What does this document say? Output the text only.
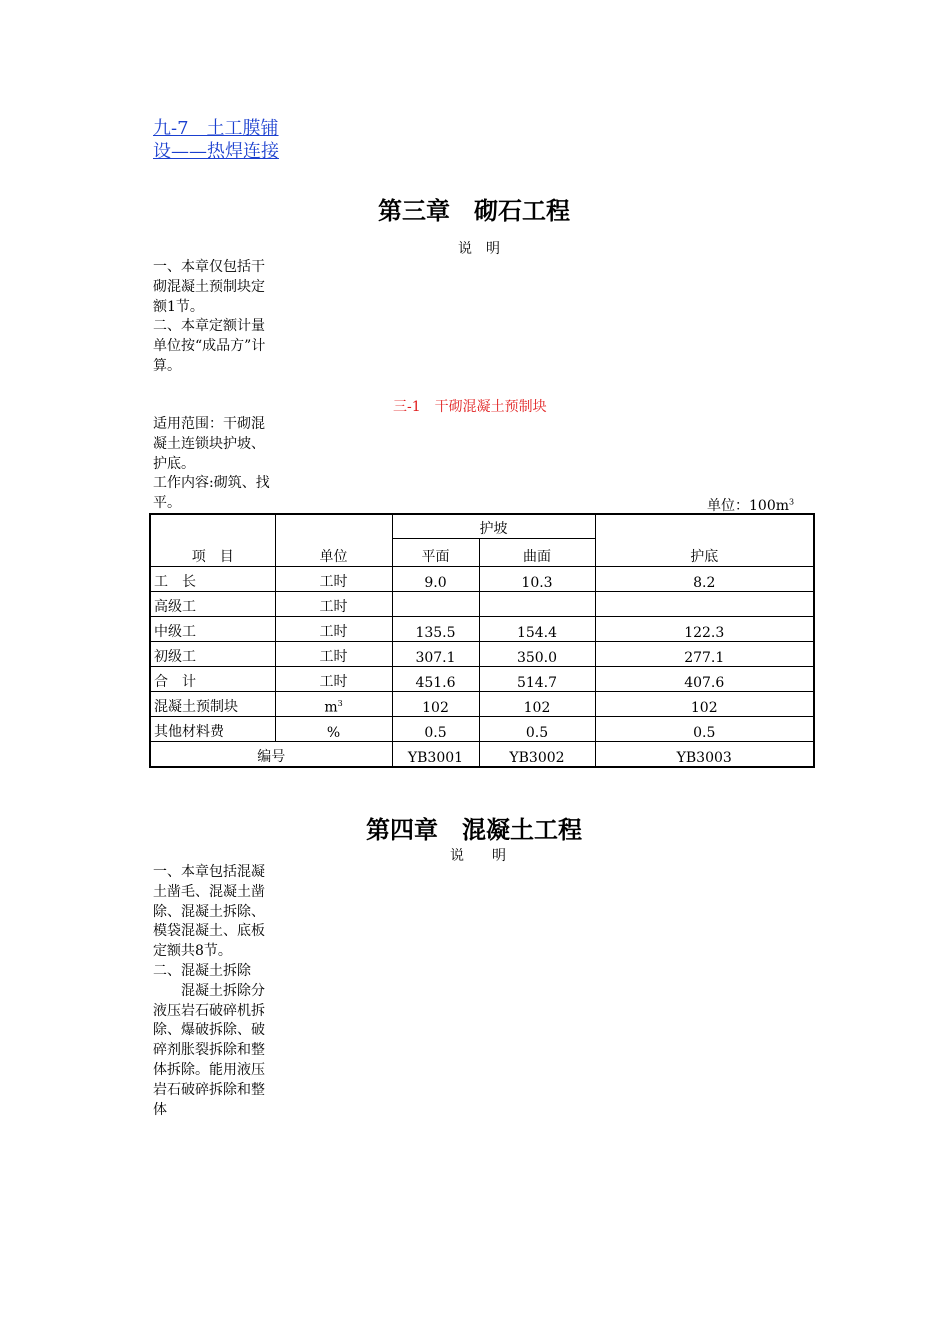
九-7　土工膜铺设——热焊连接
第三章　砌石工程
说　明
一、本章仅包括干砌混凝土预制块定额1节。
二、本章定额计量单位按“成品方”计算。
三-1　干砌混凝土预制块
适用范围：干砌混凝土连锁块护坡、护底。
工作内容:砌筑、找平。	单位：$100m^3$
项　目	单位	护坡		护底
		平面	曲面	
工　长	工时	9.0	10.3	8.2
高级工	工时			
中级工	工时	135.5	154.4	122.3
初级工	工时	307.1	350.0	277.1
合　计	工时	451.6	514.7	407.6
混凝土预制块	$m^3$	102	102	102
其他材料费	%	0.5	0.5	0.5
编号		YB3001	YB3002	YB3003
第四章　混凝土工程
说　　明
一、本章包括混凝土凿毛、混凝土凿除、混凝土拆除、模袋混凝土、底板定额共8节。
二、混凝土拆除
　　混凝土拆除分液压岩石破碎机拆除、爆破拆除、破碎剂胀裂拆除和整体拆除。能用液压岩石破碎拆除和整体
